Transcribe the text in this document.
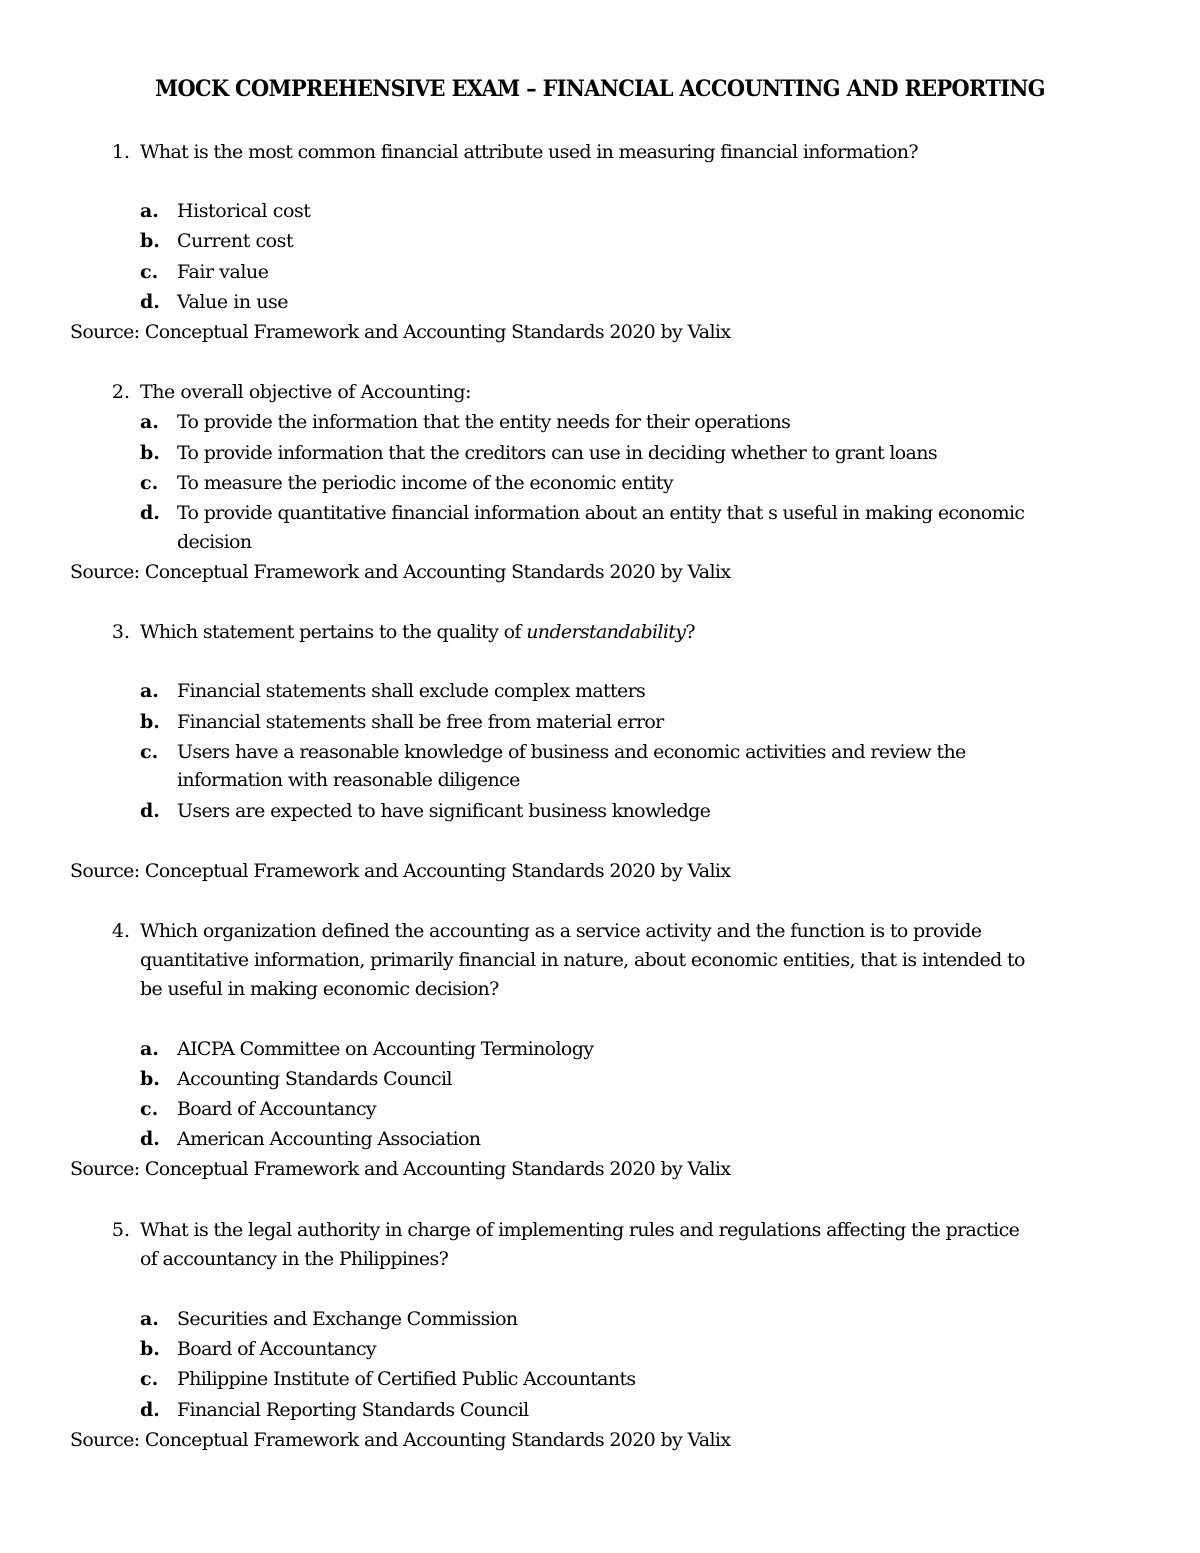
MOCK COMPREHENSIVE EXAM – FINANCIAL ACCOUNTING AND REPORTING
1. What is the most common financial attribute used in measuring financial information?
a. Historical cost
b. Current cost
c. Fair value
d. Value in use
Source: Conceptual Framework and Accounting Standards 2020 by Valix
2. The overall objective of Accounting:
a. To provide the information that the entity needs for their operations
b. To provide information that the creditors can use in deciding whether to grant loans
c. To measure the periodic income of the economic entity
d. To provide quantitative financial information about an entity that s useful in making economic
decision
Source: Conceptual Framework and Accounting Standards 2020 by Valix
3. Which statement pertains to the quality of understandability?
a. Financial statements shall exclude complex matters
b. Financial statements shall be free from material error
c. Users have a reasonable knowledge of business and economic activities and review the
information with reasonable diligence
d. Users are expected to have significant business knowledge
Source: Conceptual Framework and Accounting Standards 2020 by Valix
4. Which organization defined the accounting as a service activity and the function is to provide
quantitative information, primarily financial in nature, about economic entities, that is intended to
be useful in making economic decision?
a. AICPA Committee on Accounting Terminology
b. Accounting Standards Council
c. Board of Accountancy
d. American Accounting Association
Source: Conceptual Framework and Accounting Standards 2020 by Valix
5. What is the legal authority in charge of implementing rules and regulations affecting the practice
of accountancy in the Philippines?
a. Securities and Exchange Commission
b. Board of Accountancy
c. Philippine Institute of Certified Public Accountants
d. Financial Reporting Standards Council
Source: Conceptual Framework and Accounting Standards 2020 by Valix
